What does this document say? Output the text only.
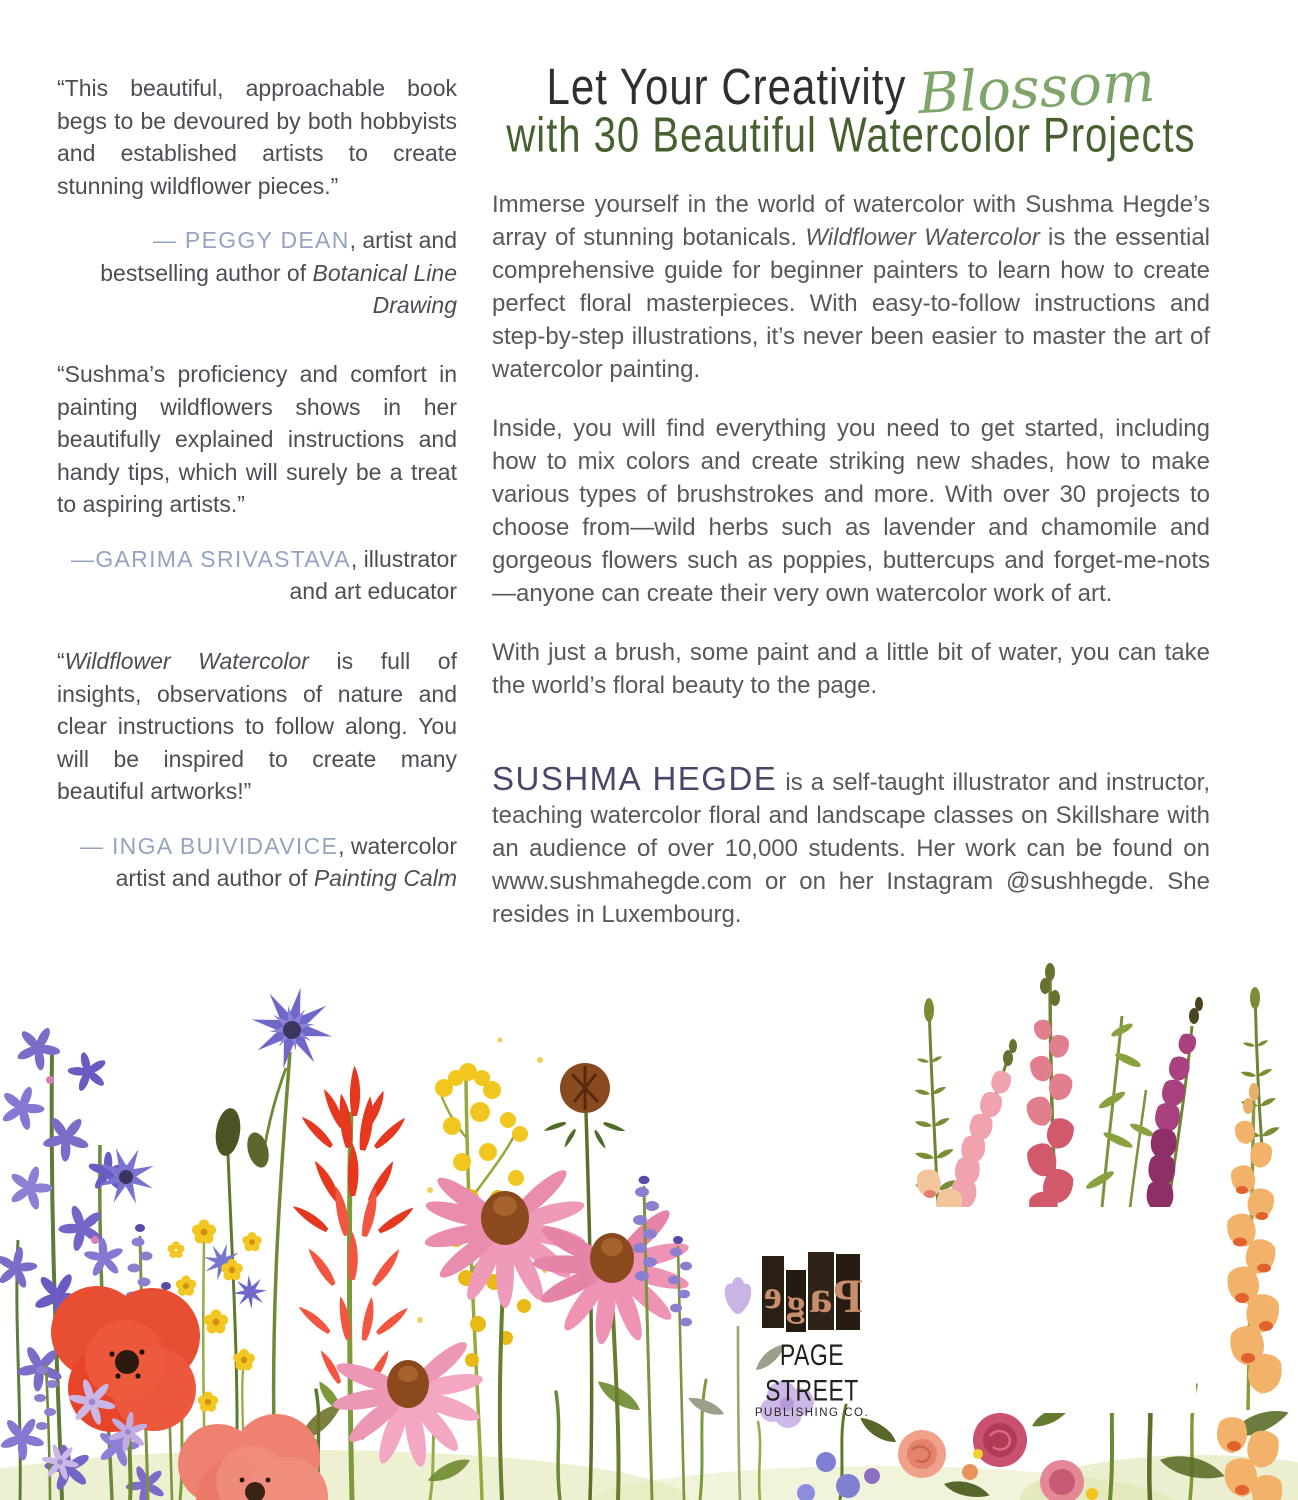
“This beautiful, approachable book begs to be devoured by both hobbyists and established artists to create stunning wildflower pieces.”
— PEGGY DEAN, artist and bestselling author of Botanical Line Drawing
“Sushma’s proficiency and comfort in painting wildflowers shows in her beautifully explained instructions and handy tips, which will surely be a treat to aspiring artists.”
—GARIMA SRIVASTAVA, illustrator and art educator
“Wildflower Watercolor is full of insights, observations of nature and clear instructions to follow along. You will be inspired to create many beautiful artworks!”
— INGA BUIVIDAVICE, watercolor artist and author of Painting Calm
Let Your Creativity Blossom
with 30 Beautiful Watercolor Projects

Immerse yourself in the world of watercolor with Sushma Hegde’s array of stunning botanicals. Wildflower Watercolor is the essential comprehensive guide for beginner painters to learn how to create perfect floral masterpieces. With easy-to-follow instructions and step-by-step illustrations, it’s never been easier to master the art of watercolor painting.

Inside, you will find everything you need to get started, including how to mix colors and create striking new shades, how to make various types of brushstrokes and more. With over 30 projects to choose from—wild herbs such as lavender and chamomile and gorgeous flowers such as poppies, buttercups and forget-me-nots—anyone can create their very own watercolor work of art.

With just a brush, some paint and a little bit of water, you can take the world’s floral beauty to the page.

SUSHMA HEGDE is a self-taught illustrator and instructor, teaching watercolor floral and landscape classes on Skillshare with an audience of over 10,000 students. Her work can be found on www.sushmahegde.com or on her Instagram @sushhegde. She resides in Luxembourg.

e g a P
PAGE STREET
PUBLISHING CO.
